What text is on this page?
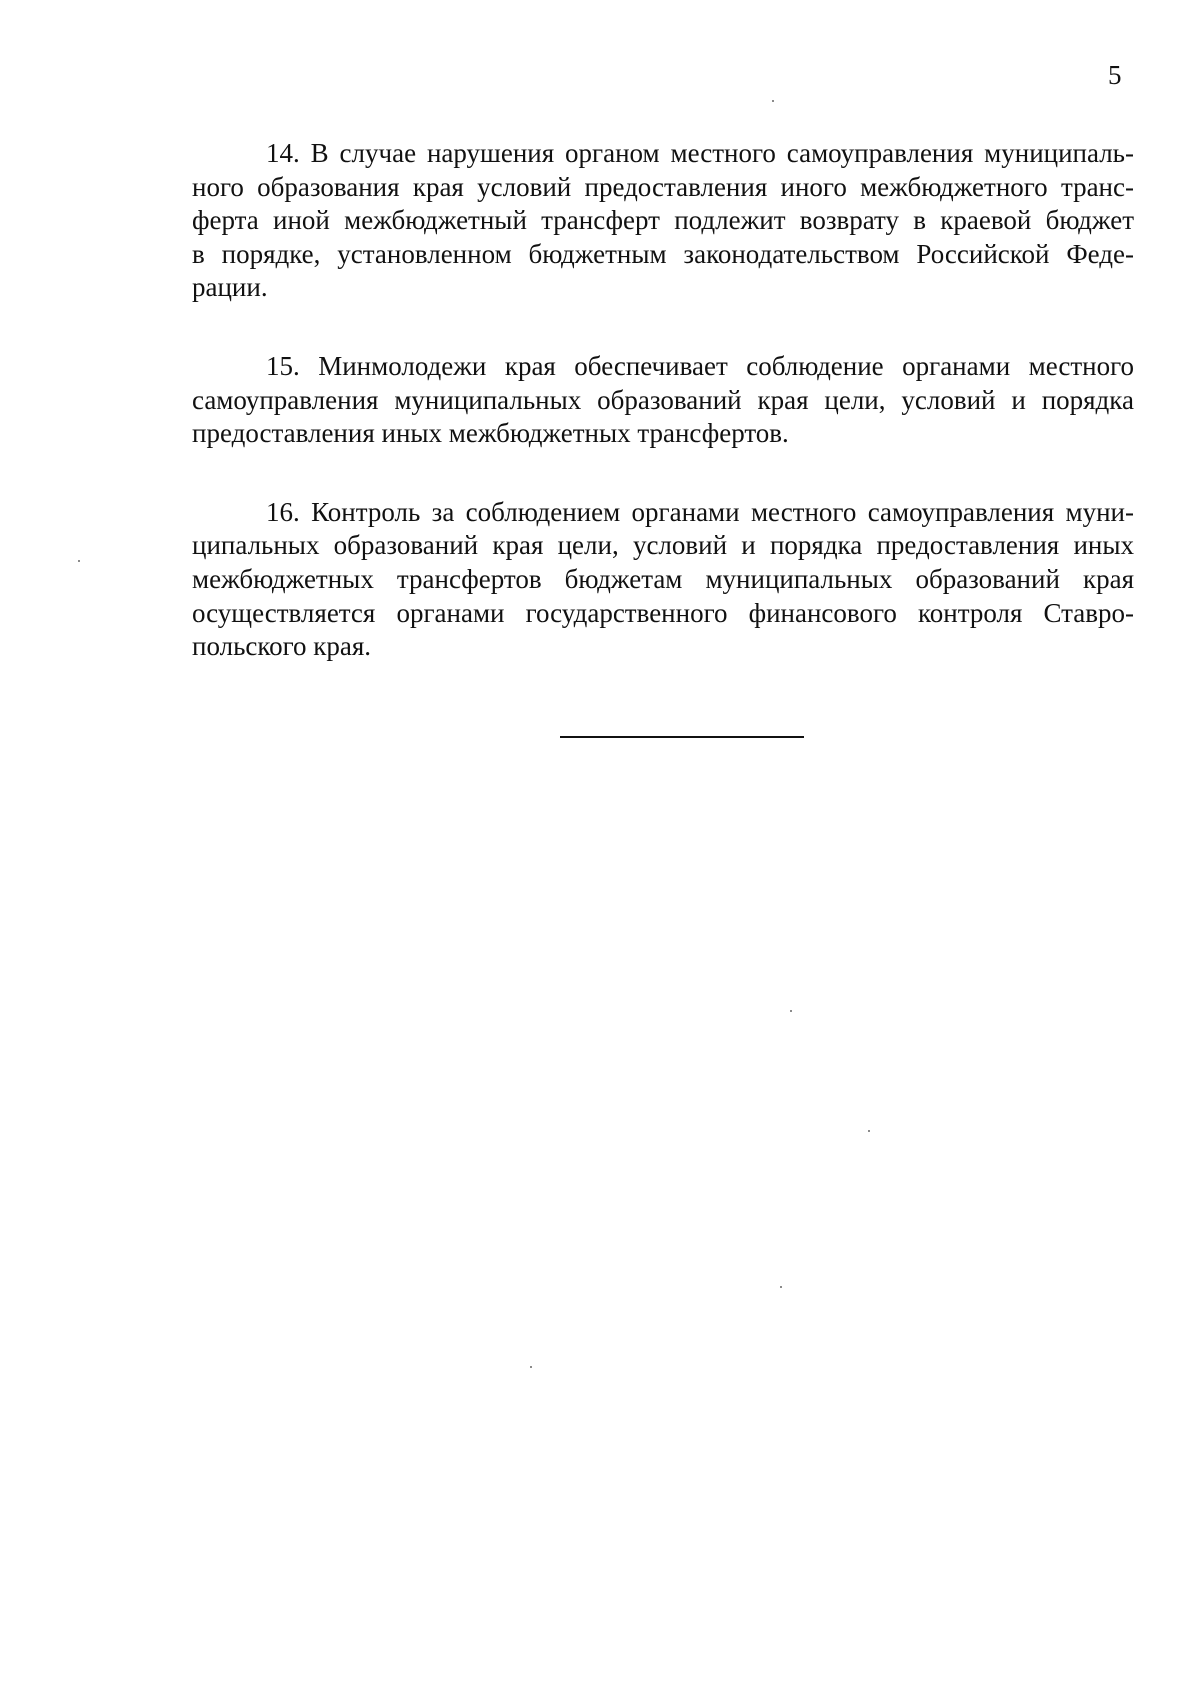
5

14. В случае нарушения органом местного самоуправления муниципаль-
ного образования края условий предоставления иного межбюджетного транс-
ферта иной межбюджетный трансферт подлежит возврату в краевой бюджет
в порядке, установленном бюджетным законодательством Российской Феде-
рации.

15. Минмолодежи края обеспечивает соблюдение органами местного
самоуправления муниципальных образований края цели, условий и порядка
предоставления иных межбюджетных трансфертов.

16. Контроль за соблюдением органами местного самоуправления муни-
ципальных образований края цели, условий и порядка предоставления иных
межбюджетных трансфертов бюджетам муниципальных образований края
осуществляется органами государственного финансового контроля Ставро-
польского края.
